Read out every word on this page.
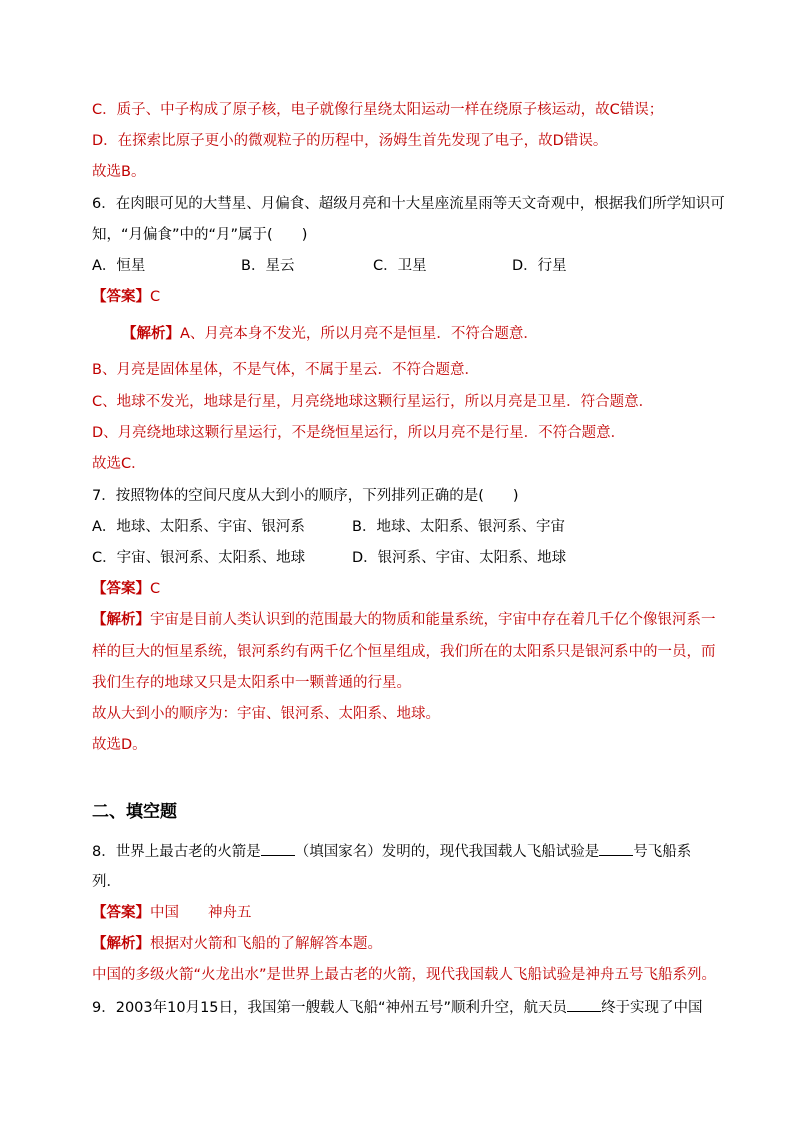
C．质子、中子构成了原子核，电子就像行星绕太阳运动一样在绕原子核运动，故C错误；
D．在探索比原子更小的微观粒子的历程中，汤姆生首先发现了电子，故D错误。
故选B。
6．在肉眼可见的大彗星、月偏食、超级月亮和十大星座流星雨等天文奇观中，根据我们所学知识可
知，“月偏食”中的“月”属于(　　)
A．恒星	B．星云	C．卫星	D．行星
【答案】C
【解析】A、月亮本身不发光，所以月亮不是恒星．不符合题意．
B、月亮是固体星体，不是气体，不属于星云．不符合题意．
C、地球不发光，地球是行星，月亮绕地球这颗行星运行，所以月亮是卫星．符合题意．
D、月亮绕地球这颗行星运行，不是绕恒星运行，所以月亮不是行星．不符合题意．
故选C．
7．按照物体的空间尺度从大到小的顺序，下列排列正确的是(　　)
A．地球、太阳系、宇宙、银河系	B．地球、太阳系、银河系、宇宙
C．宇宙、银河系、太阳系、地球	D．银河系、宇宙、太阳系、地球
【答案】C
【解析】宇宙是目前人类认识到的范围最大的物质和能量系统，宇宙中存在着几千亿个像银河系一
样的巨大的恒星系统，银河系约有两千亿个恒星组成，我们所在的太阳系只是银河系中的一员，而
我们生存的地球又只是太阳系中一颗普通的行星。
故从大到小的顺序为：宇宙、银河系、太阳系、地球。
故选D。
二、填空题
8．世界上最古老的火箭是 （填国家名）发明的，现代我国载人飞船试验是 号飞船系
列．
【答案】中国　　神舟五
【解析】根据对火箭和飞船的了解解答本题。
中国的多级火箭“火龙出水”是世界上最古老的火箭，现代我国载人飞船试验是神舟五号飞船系列。
9．2003年10月15日，我国第一艘载人飞船“神州五号”顺利升空，航天员 终于实现了中国
